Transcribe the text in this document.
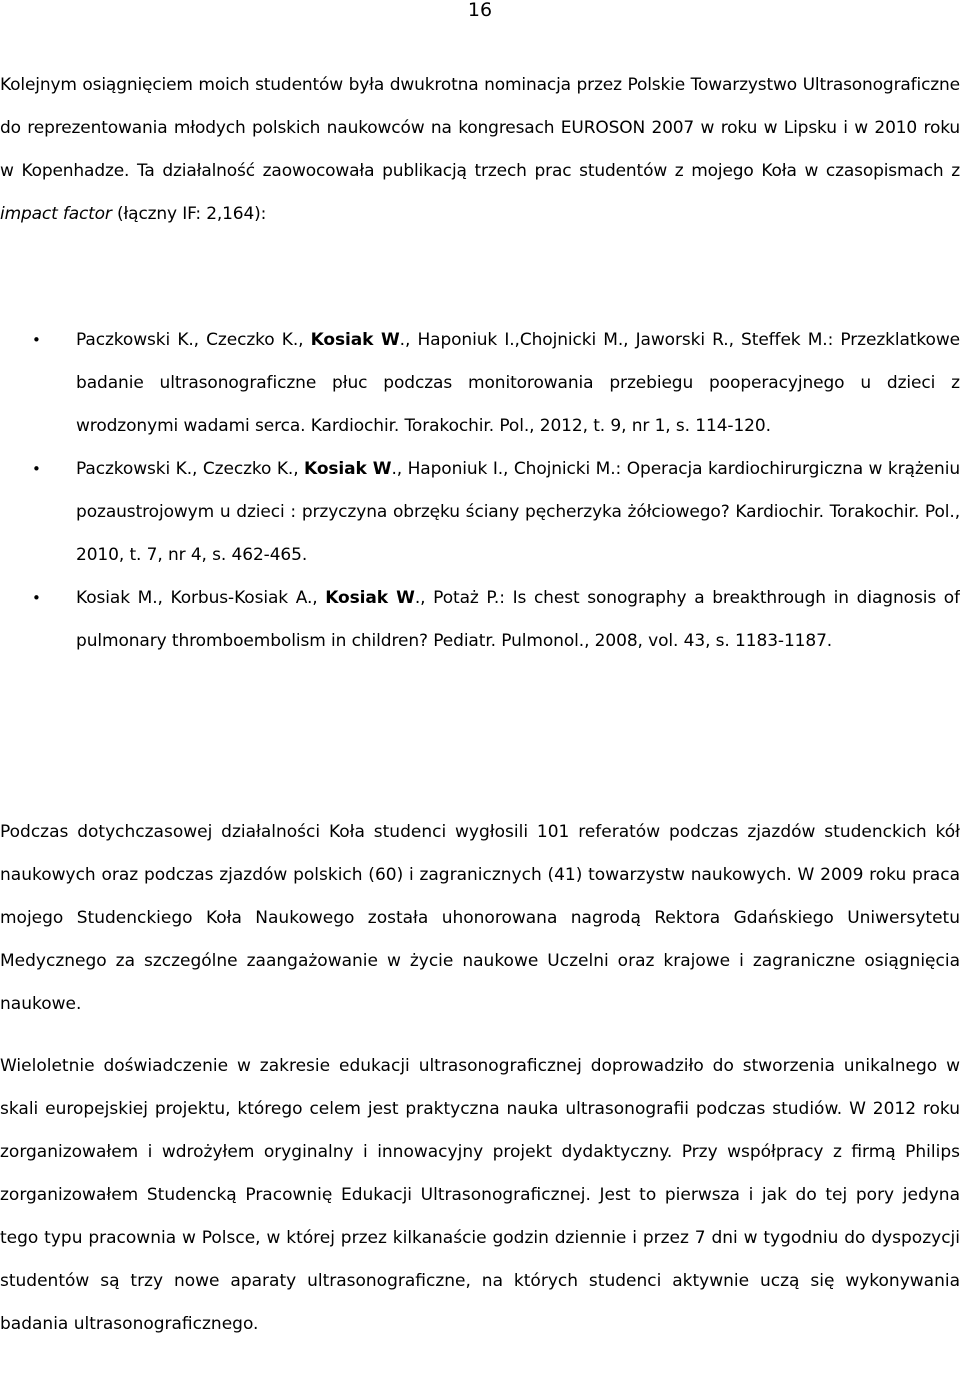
16

Kolejnym osiągnięciem moich studentów była dwukrotna nominacja przez Polskie Towarzystwo Ultrasonograficzne do reprezentowania młodych polskich naukowców na kongresach EUROSON 2007 w roku w Lipsku i w 2010 roku w Kopenhadze. Ta działalność zaowocowała publikacją trzech prac studentów z mojego Koła w czasopismach z impact factor (łączny IF: 2,164):

• Paczkowski K., Czeczko K., Kosiak W., Haponiuk I.,Chojnicki M., Jaworski R., Steffek M.: Przezklatkowe badanie ultrasonograficzne płuc podczas monitorowania przebiegu pooperacyjnego u dzieci z wrodzonymi wadami serca. Kardiochir. Torakochir. Pol., 2012, t. 9, nr 1, s. 114-120.
• Paczkowski K., Czeczko K., Kosiak W., Haponiuk I., Chojnicki M.: Operacja kardiochirurgiczna w krążeniu pozaustrojowym u dzieci : przyczyna obrzęku ściany pęcherzyka żółciowego? Kardiochir. Torakochir. Pol., 2010, t. 7, nr 4, s. 462-465.
• Kosiak M., Korbus-Kosiak A., Kosiak W., Potaż P.: Is chest sonography a breakthrough in diagnosis of pulmonary thromboembolism in children? Pediatr. Pulmonol., 2008, vol. 43, s. 1183-1187.

Podczas dotychczasowej działalności Koła studenci wygłosili 101 referatów podczas zjazdów studenckich kół naukowych oraz podczas zjazdów polskich (60) i zagranicznych (41) towarzystw naukowych. W 2009 roku praca mojego Studenckiego Koła Naukowego została uhonorowana nagrodą Rektora Gdańskiego Uniwersytetu Medycznego za szczególne zaangażowanie w życie naukowe Uczelni oraz krajowe i zagraniczne osiągnięcia naukowe.

Wieloletnie doświadczenie w zakresie edukacji ultrasonograficznej doprowadziło do stworzenia unikalnego w skali europejskiej projektu, którego celem jest praktyczna nauka ultrasonografii podczas studiów. W 2012 roku zorganizowałem i wdrożyłem oryginalny i innowacyjny projekt dydaktyczny. Przy współpracy z firmą Philips zorganizowałem Studencką Pracownię Edukacji Ultrasonograficznej. Jest to pierwsza i jak do tej pory jedyna tego typu pracownia w Polsce, w której przez kilkanaście godzin dziennie i przez 7 dni w tygodniu do dyspozycji studentów są trzy nowe aparaty ultrasonograficzne, na których studenci aktywnie uczą się wykonywania badania ultrasonograficznego.
